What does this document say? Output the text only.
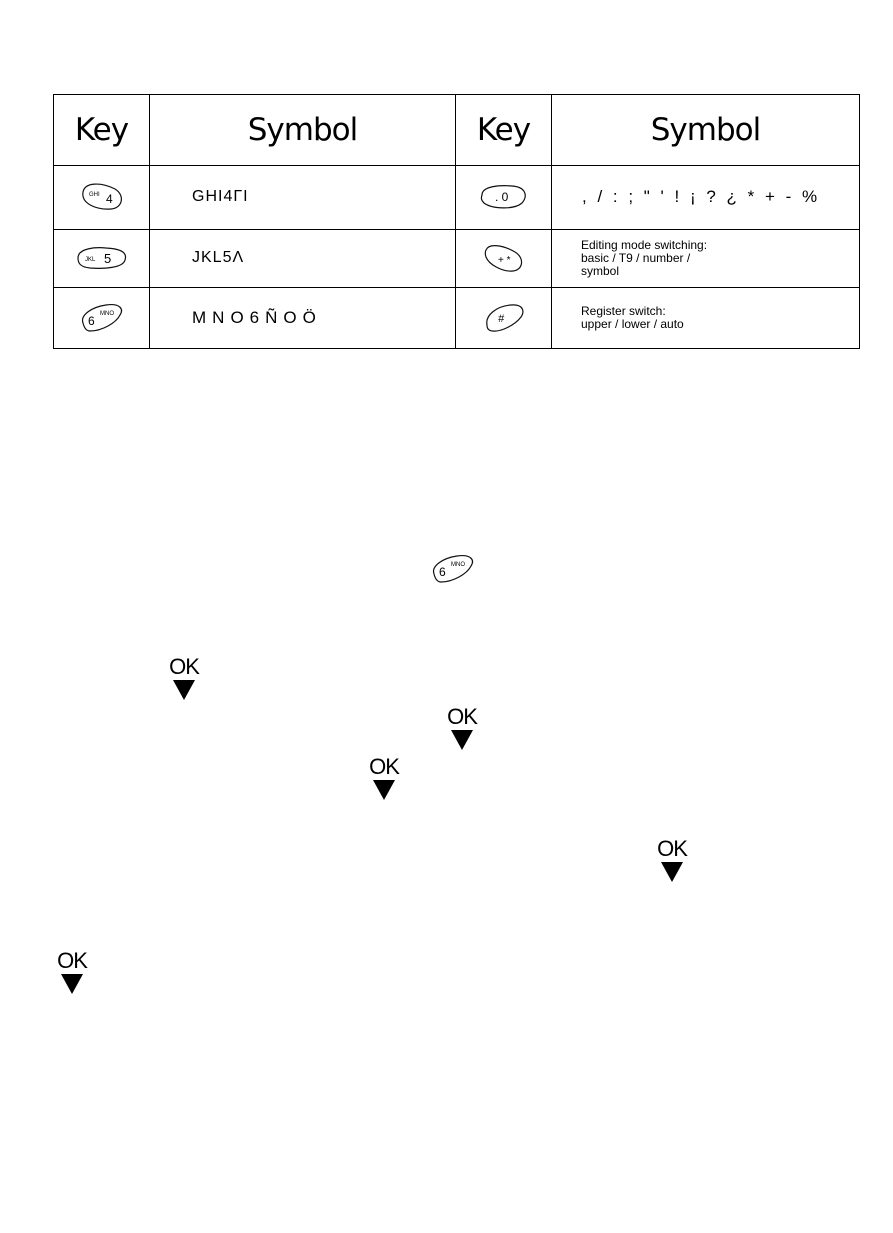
Key	Symbol	Key	Symbol

GHI 4	GHI4ΓΙ	. 0	, / : ; " ' ! ¡ ? ¿ * + - %

JKL 5	JKL5Λ	+ *	Editing mode switching:
basic / T9 / number /
symbol

6 MNO	MNO6ÑOÖ	#	Register switch:
upper / lower / auto
6 MNO
OK
OK
OK
OK
OK
